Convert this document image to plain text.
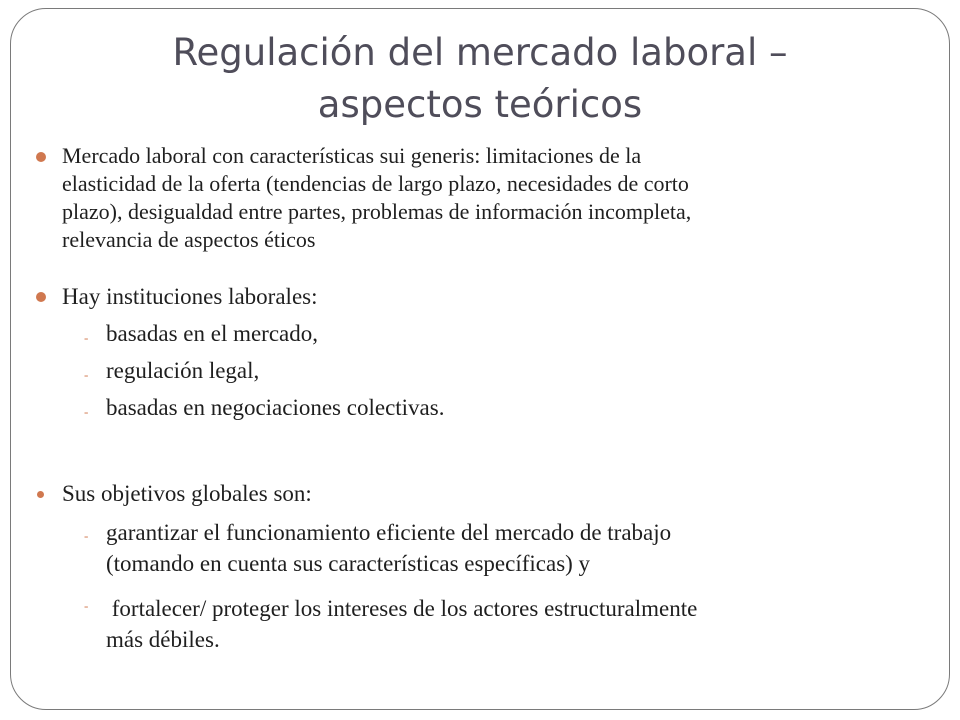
Regulación del mercado laboral –
aspectos teóricos
Mercado laboral con características sui generis: limitaciones de la
elasticidad de la oferta (tendencias de largo plazo, necesidades de corto
plazo), desigualdad entre partes, problemas de información incompleta,
relevancia de aspectos éticos
Hay instituciones laborales:
- basadas en el mercado,
- regulación legal,
- basadas en negociaciones colectivas.
Sus objetivos globales son:
- garantizar el funcionamiento eficiente del mercado de trabajo
(tomando en cuenta sus características específicas) y
- fortalecer/ proteger los intereses de los actores estructuralmente
más débiles.
